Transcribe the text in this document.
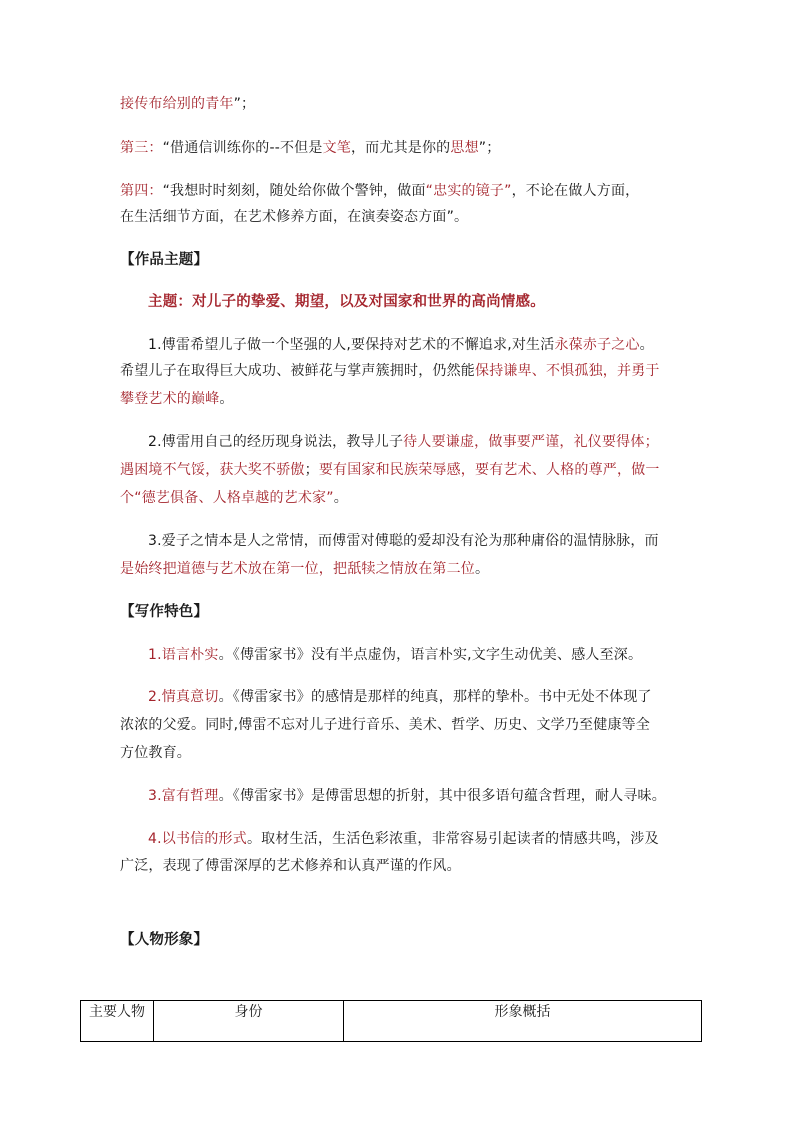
接传布给别的青年”；
第三：“借通信训练你的--不但是文笔，而尤其是你的思想”；
第四：“我想时时刻刻，随处给你做个警钟，做面“忠实的镜子”，不论在做人方面，
在生活细节方面，在艺术修养方面，在演奏姿态方面”。
【作品主题】
主题：对儿子的挚爱、期望，以及对国家和世界的高尚情感。
1.傅雷希望儿子做一个坚强的人,要保持对艺术的不懈追求,对生活永葆赤子之心。
希望儿子在取得巨大成功、被鲜花与掌声簇拥时，仍然能保持谦卑、不惧孤独，并勇于
攀登艺术的巅峰。
2.傅雷用自己的经历现身说法，教导儿子待人要谦虚，做事要严谨，礼仪要得体；
遇困境不气馁，获大奖不骄傲；要有国家和民族荣辱感，要有艺术、人格的尊严，做一
个“德艺俱备、人格卓越的艺术家”。
3.爱子之情本是人之常情，而傅雷对傅聪的爱却没有沦为那种庸俗的温情脉脉，而
是始终把道德与艺术放在第一位，把舐犊之情放在第二位。
【写作特色】
1.语言朴实。《傅雷家书》没有半点虚伪，语言朴实,文字生动优美、感人至深。
2.情真意切。《傅雷家书》的感情是那样的纯真，那样的挚朴。书中无处不体现了
浓浓的父爱。同时,傅雷不忘对儿子进行音乐、美术、哲学、历史、文学乃至健康等全
方位教育。
3.富有哲理。《傅雷家书》是傅雷思想的折射，其中很多语句蕴含哲理，耐人寻味。
4.以书信的形式。取材生活，生活色彩浓重，非常容易引起读者的情感共鸣，涉及
广泛，表现了傅雷深厚的艺术修养和认真严谨的作风。
【人物形象】
主要人物	身份	形象概括
